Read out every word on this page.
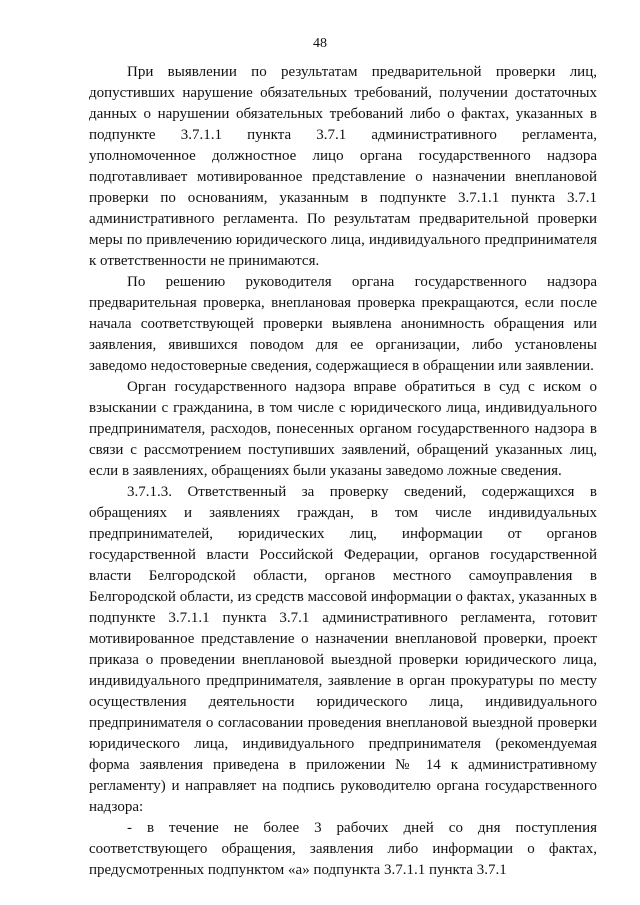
48

При выявлении по результатам предварительной проверки лиц, допустивших нарушение обязательных требований, получении достаточных данных о нарушении обязательных требований либо о фактах, указанных в подпункте 3.7.1.1 пункта 3.7.1 административного регламента, уполномоченное должностное лицо органа государственного надзора подготавливает мотивированное представление о назначении внеплановой проверки по основаниям, указанным в подпункте 3.7.1.1 пункта 3.7.1 административного регламента. По результатам предварительной проверки меры по привлечению юридического лица, индивидуального предпринимателя к ответственности не принимаются.

По решению руководителя органа государственного надзора предварительная проверка, внеплановая проверка прекращаются, если после начала соответствующей проверки выявлена анонимность обращения или заявления, явившихся поводом для ее организации, либо установлены заведомо недостоверные сведения, содержащиеся в обращении или заявлении.

Орган государственного надзора вправе обратиться в суд с иском о взыскании с гражданина, в том числе с юридического лица, индивидуального предпринимателя, расходов, понесенных органом государственного надзора в связи с рассмотрением поступивших заявлений, обращений указанных лиц, если в заявлениях, обращениях были указаны заведомо ложные сведения.

3.7.1.3. Ответственный за проверку сведений, содержащихся в обращениях и заявлениях граждан, в том числе индивидуальных предпринимателей, юридических лиц, информации от органов государственной власти Российской Федерации, органов государственной власти Белгородской области, органов местного самоуправления в Белгородской области, из средств массовой информации о фактах, указанных в подпункте 3.7.1.1 пункта 3.7.1 административного регламента, готовит мотивированное представление о назначении внеплановой проверки, проект приказа о проведении внеплановой выездной проверки юридического лица, индивидуального предпринимателя, заявление в орган прокуратуры по месту осуществления деятельности юридического лица, индивидуального предпринимателя о согласовании проведения внеплановой выездной проверки юридического лица, индивидуального предпринимателя (рекомендуемая форма заявления приведена в приложении № 14 к административному регламенту) и направляет на подпись руководителю органа государственного надзора:

- в течение не более 3 рабочих дней со дня поступления соответствующего обращения, заявления либо информации о фактах, предусмотренных подпунктом «а» подпункта 3.7.1.1 пункта 3.7.1
